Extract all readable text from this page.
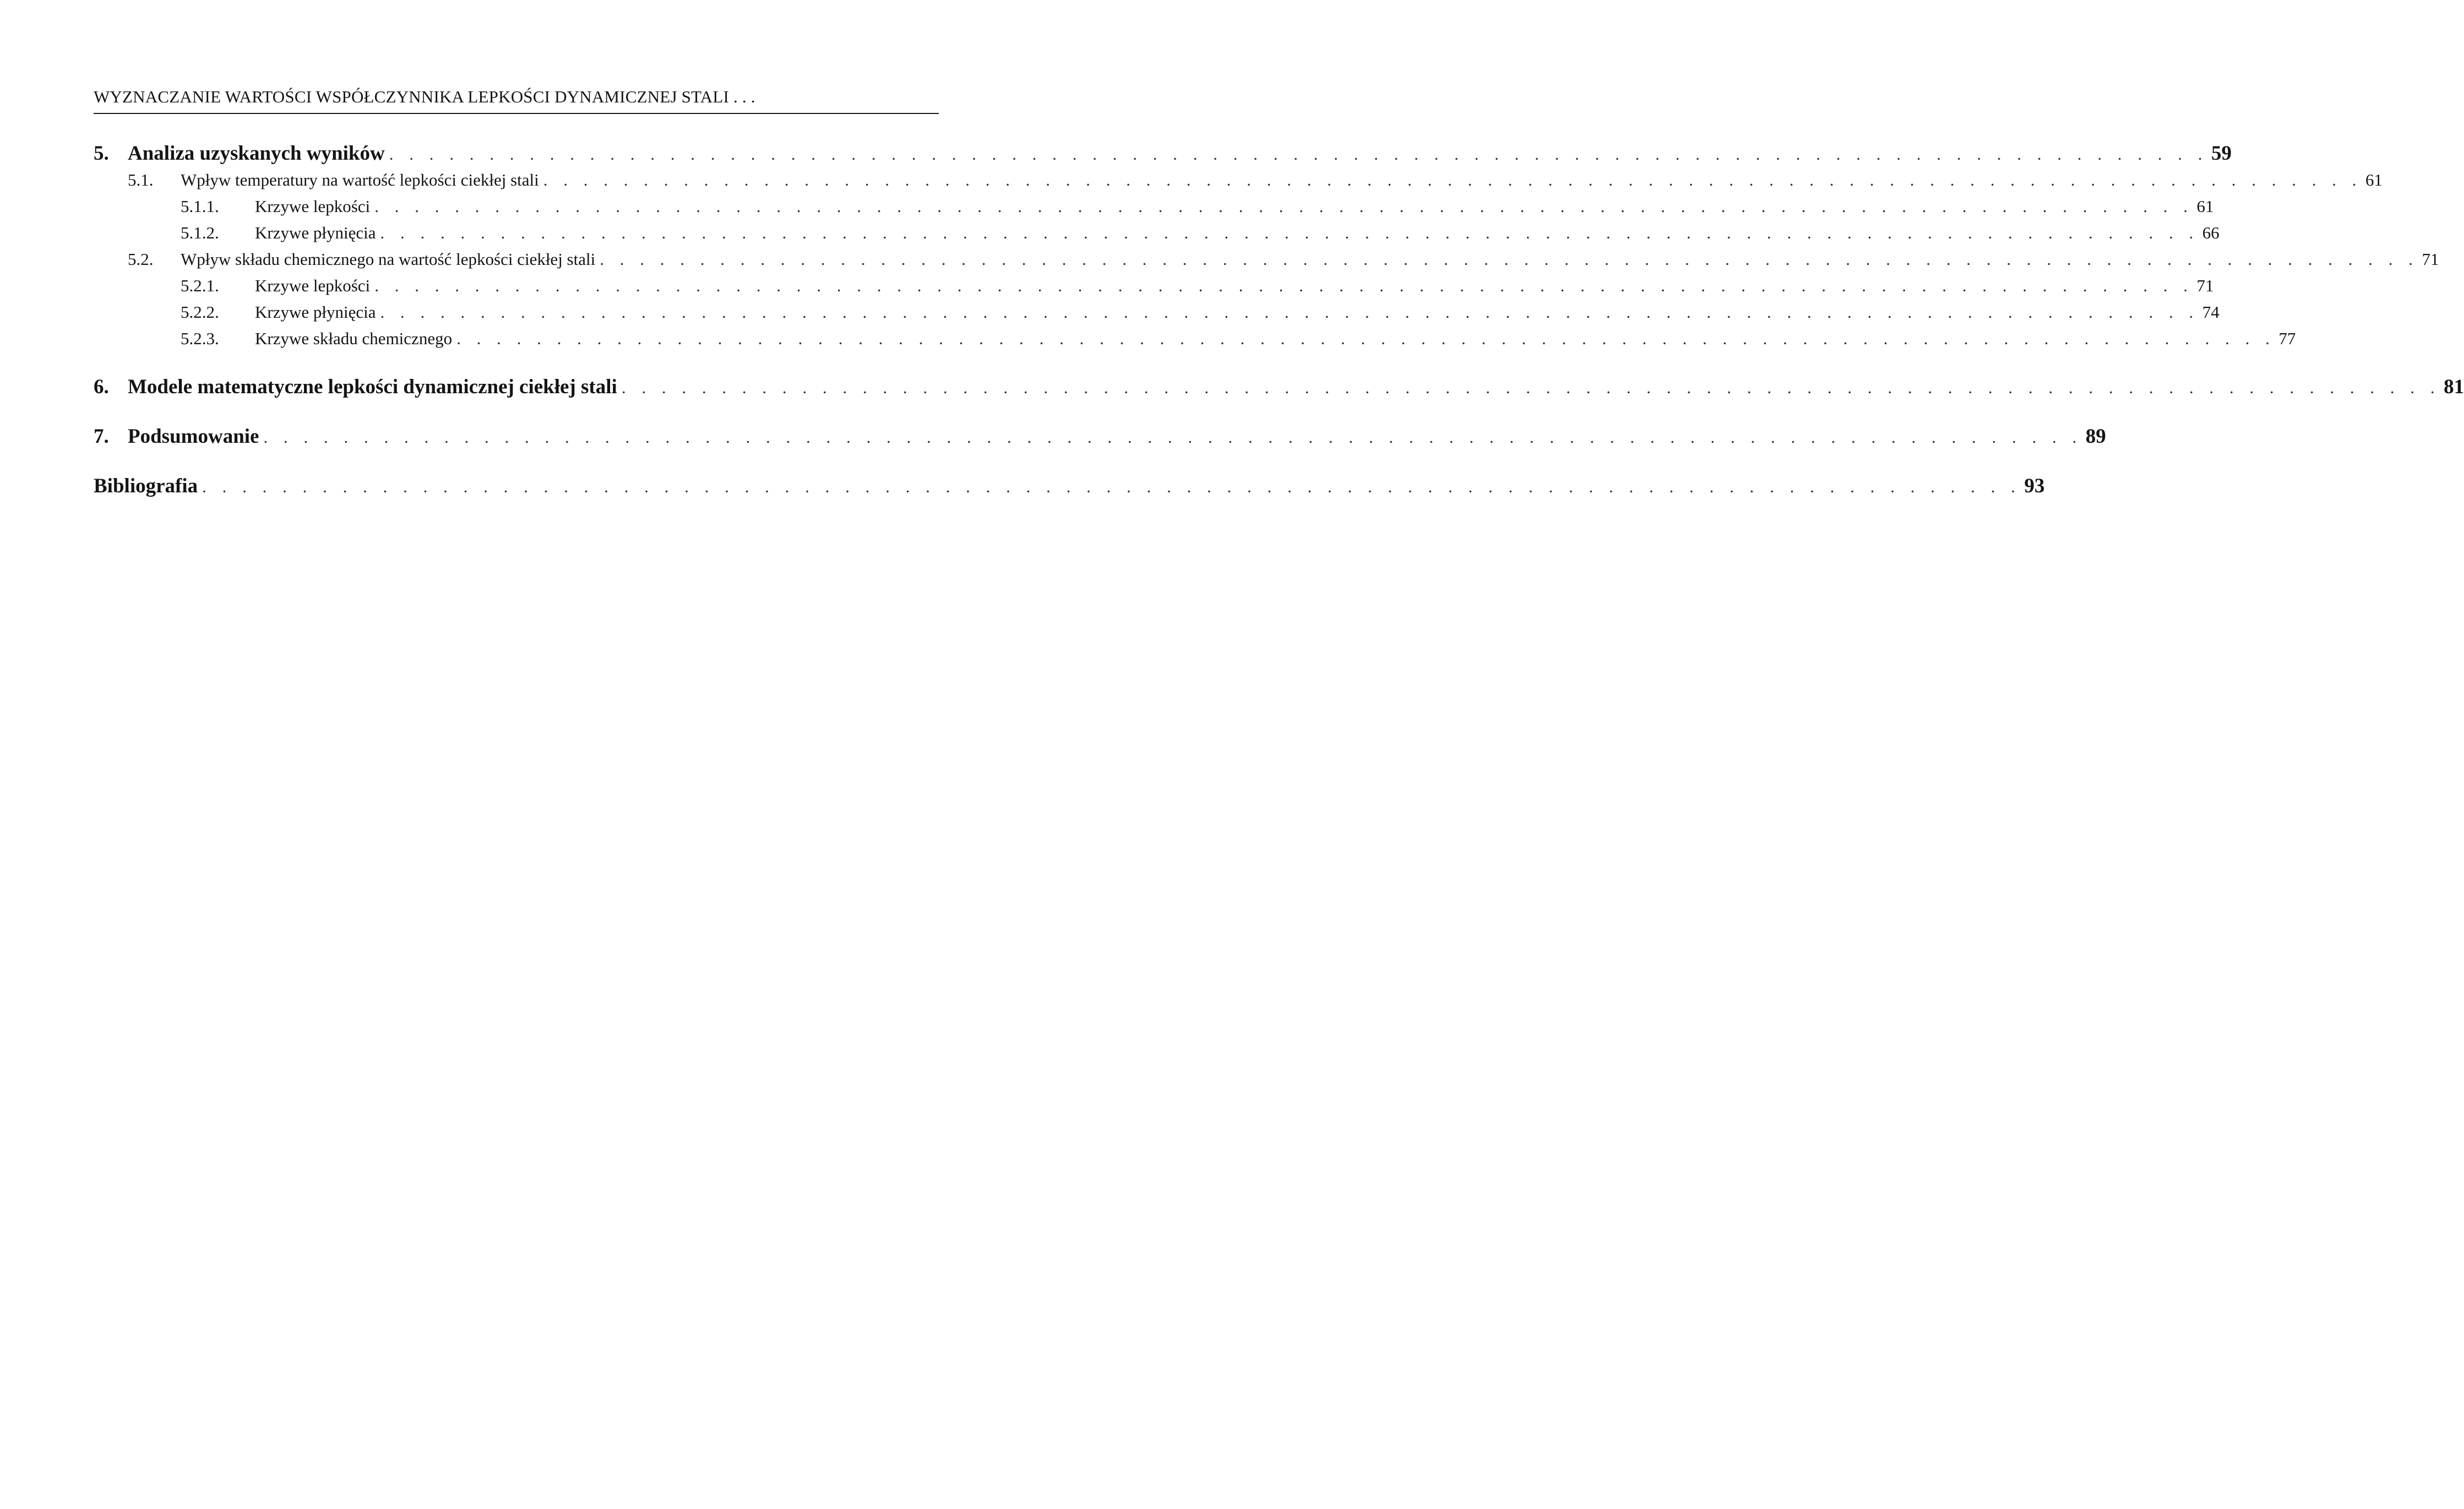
WYZNACZANIE WARTOŚCI WSPÓŁCZYNNIKA LEPKOŚCI DYNAMICZNEJ STALI . . .
5. Analiza uzyskanych wyników . . . . . . . . . . . . . . . . . . . . . . . . . . . . . . . . . . . . . . . . . . . . . . . . . . . . . . . . . . . . . . . . . . . . . . . . . . . . . . . . . . . . . . . . . . . 59
5.1.	Wpływ temperatury na wartość lepkości ciekłej stali . . . . . . . . . . . . . . . . . . . . . . . . . . . . . . . . . . . . . . . . . . . . . . . . . . . . . . . . . . . . . . . . . . . . . . . . . . . . . . . . . . . . . . . . . . . 61
5.1.1.	Krzywe lepkości . . . . . . . . . . . . . . . . . . . . . . . . . . . . . . . . . . . . . . . . . . . . . . . . . . . . . . . . . . . . . . . . . . . . . . . . . . . . . . . . . . . . . . . . . . . 61
5.1.2.	Krzywe płynięcia . . . . . . . . . . . . . . . . . . . . . . . . . . . . . . . . . . . . . . . . . . . . . . . . . . . . . . . . . . . . . . . . . . . . . . . . . . . . . . . . . . . . . . . . . . . 66
5.2.	Wpływ składu chemicznego na wartość lepkości ciekłej stali . . . . . . . . . . . . . . . . . . . . . . . . . . . . . . . . . . . . . . . . . . . . . . . . . . . . . . . . . . . . . . . . . . . . . . . . . . . . . . . . . . . . . . . . . . . 71
5.2.1.	Krzywe lepkości . . . . . . . . . . . . . . . . . . . . . . . . . . . . . . . . . . . . . . . . . . . . . . . . . . . . . . . . . . . . . . . . . . . . . . . . . . . . . . . . . . . . . . . . . . . 71
5.2.2.	Krzywe płynięcia . . . . . . . . . . . . . . . . . . . . . . . . . . . . . . . . . . . . . . . . . . . . . . . . . . . . . . . . . . . . . . . . . . . . . . . . . . . . . . . . . . . . . . . . . . . 74
5.2.3.	Krzywe składu chemicznego . . . . . . . . . . . . . . . . . . . . . . . . . . . . . . . . . . . . . . . . . . . . . . . . . . . . . . . . . . . . . . . . . . . . . . . . . . . . . . . . . . . . . . . . . . . 77
6. Modele matematyczne lepkości dynamicznej ciekłej stali . . . . . . . . . . . . . . . . . . . . . . . . . . . . . . . . . . . . . . . . . . . . . . . . . . . . . . . . . . . . . . . . . . . . . . . . . . . . . . . . . . . . . . . . . . . 81
7. Podsumowanie . . . . . . . . . . . . . . . . . . . . . . . . . . . . . . . . . . . . . . . . . . . . . . . . . . . . . . . . . . . . . . . . . . . . . . . . . . . . . . . . . . . . . . . . . . . 89
Bibliografia . . . . . . . . . . . . . . . . . . . . . . . . . . . . . . . . . . . . . . . . . . . . . . . . . . . . . . . . . . . . . . . . . . . . . . . . . . . . . . . . . . . . . . . . . . . 93
